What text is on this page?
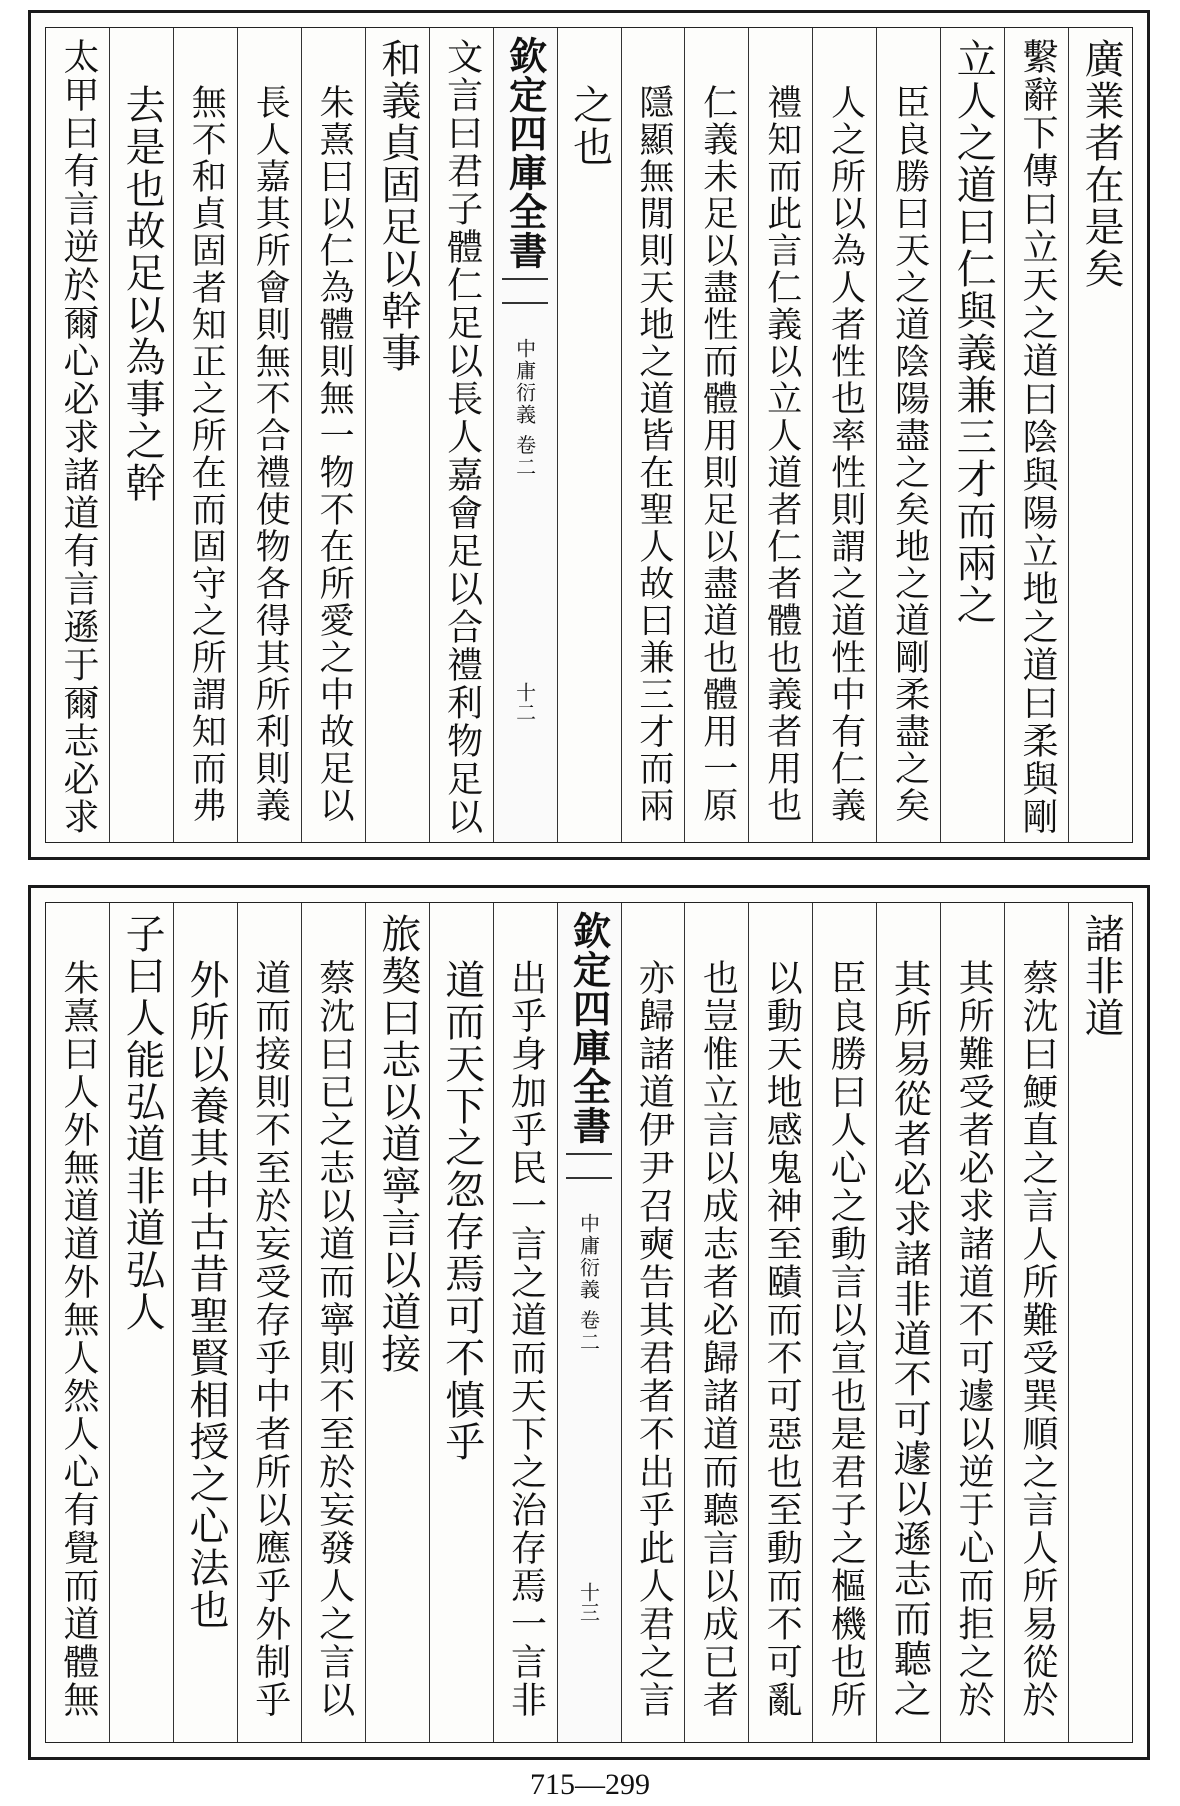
廣業者在是矣
繫辭下傳曰立天之道曰陰與陽立地之道曰柔與剛
立人之道曰仁與義兼三才而兩之
臣良勝曰天之道陰陽盡之矣地之道剛柔盡之矣
人之所以為人者性也率性則謂之道性中有仁義
禮知而此言仁義以立人道者仁者體也義者用也
仁義未足以盡性而體用則足以盡道也體用一原
隱顯無閒則天地之道皆在聖人故曰兼三才而兩
之也
欽定四庫全書
中庸衍義 卷二
十二
文言曰君子體仁足以長人嘉會足以合禮利物足以
和義貞固足以幹事
朱熹曰以仁為體則無一物不在所愛之中故足以
長人嘉其所會則無不合禮使物各得其所利則義
無不和貞固者知正之所在而固守之所謂知而弗
去是也故足以為事之幹
太甲曰有言逆於爾心必求諸道有言遜于爾志必求
諸非道
蔡沈曰鯁直之言人所難受巽順之言人所易從於
其所難受者必求諸道不可遽以逆于心而拒之於
其所易從者必求諸非道不可遽以遜志而聽之
臣良勝曰人心之動言以宣也是君子之樞機也所
以動天地感鬼神至賾而不可惡也至動而不可亂
也豈惟立言以成志者必歸諸道而聽言以成已者
亦歸諸道伊尹召奭告其君者不出乎此人君之言
欽定四庫全書
中庸衍義 卷二
十三
出乎身加乎民一言之道而天下之治存焉一言非
道而天下之忽存焉可不慎乎
旅獒曰志以道寧言以道接
蔡沈曰已之志以道而寧則不至於妄發人之言以
道而接則不至於妄受存乎中者所以應乎外制乎
外所以養其中古昔聖賢相授之心法也
子曰人能弘道非道弘人
朱熹曰人外無道道外無人然人心有覺而道體無
715—299
